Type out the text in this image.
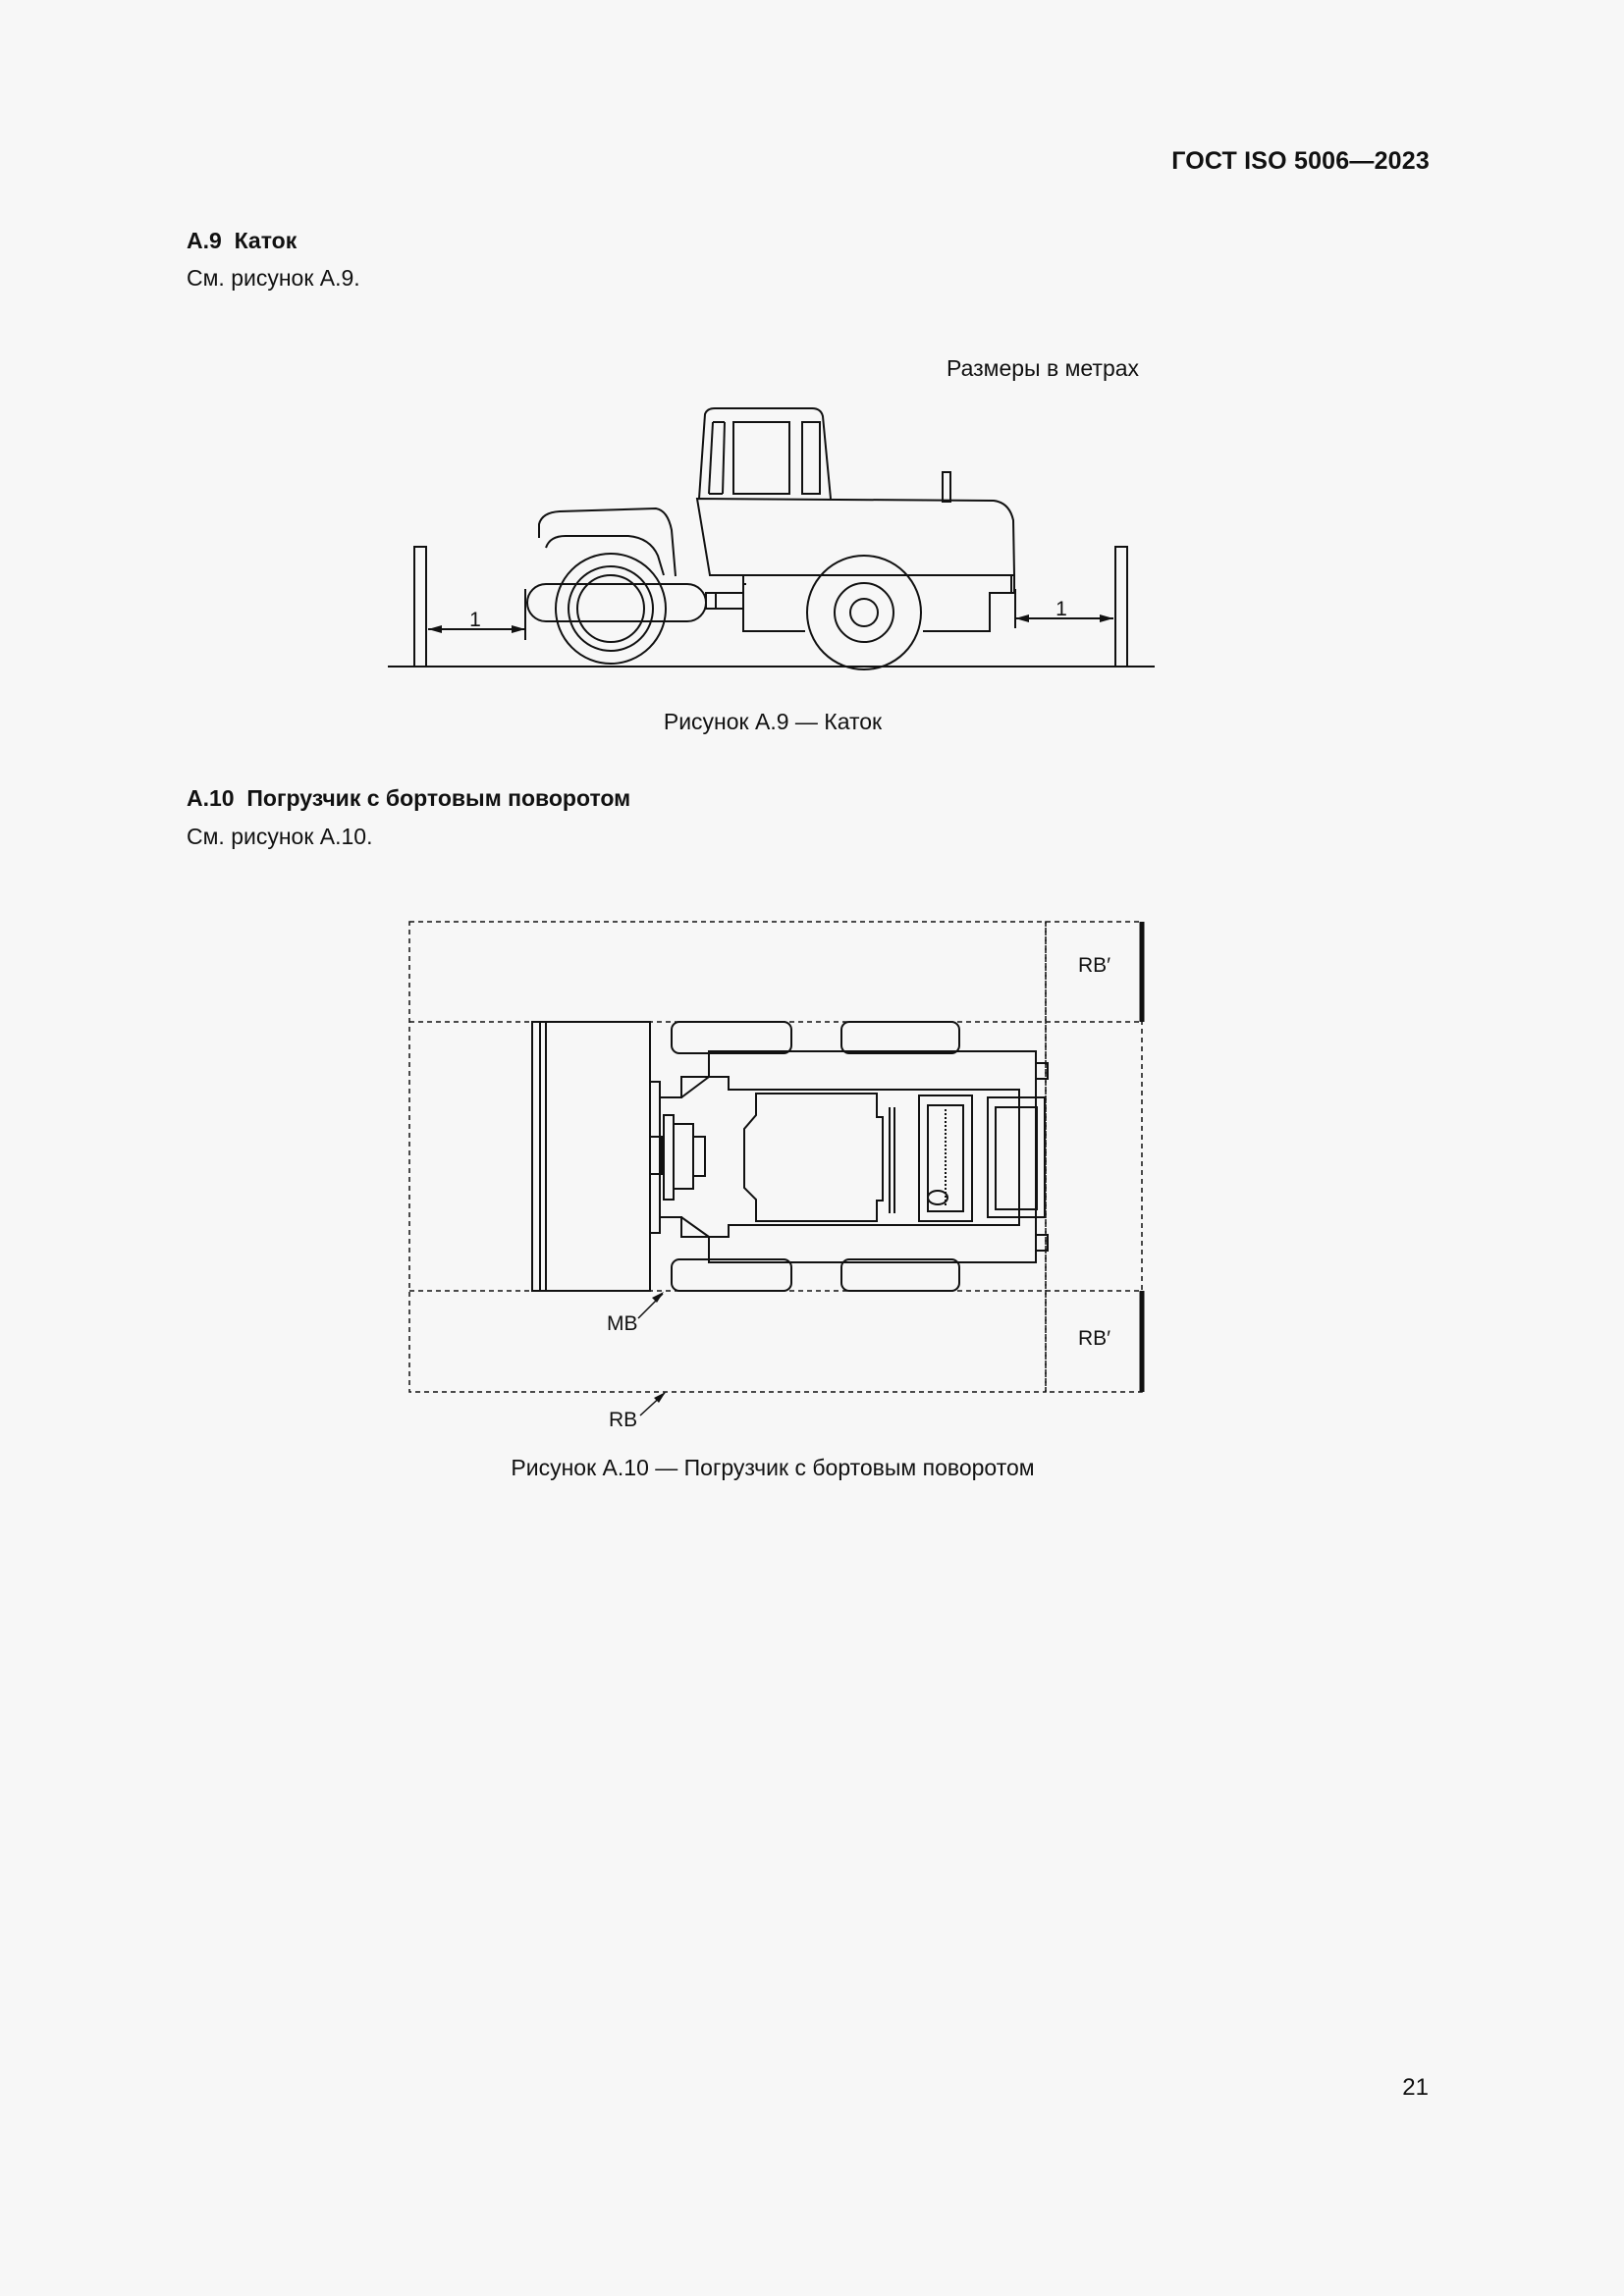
ГОСТ ISO 5006—2023
А.9 Каток
См. рисунок А.9.
Размеры в метрах
1	1
Рисунок А.9 — Каток
А.10 Погрузчик с бортовым поворотом
См. рисунок А.10.
RB′
RB′
MB
RB
Рисунок А.10 — Погрузчик с бортовым поворотом
21
